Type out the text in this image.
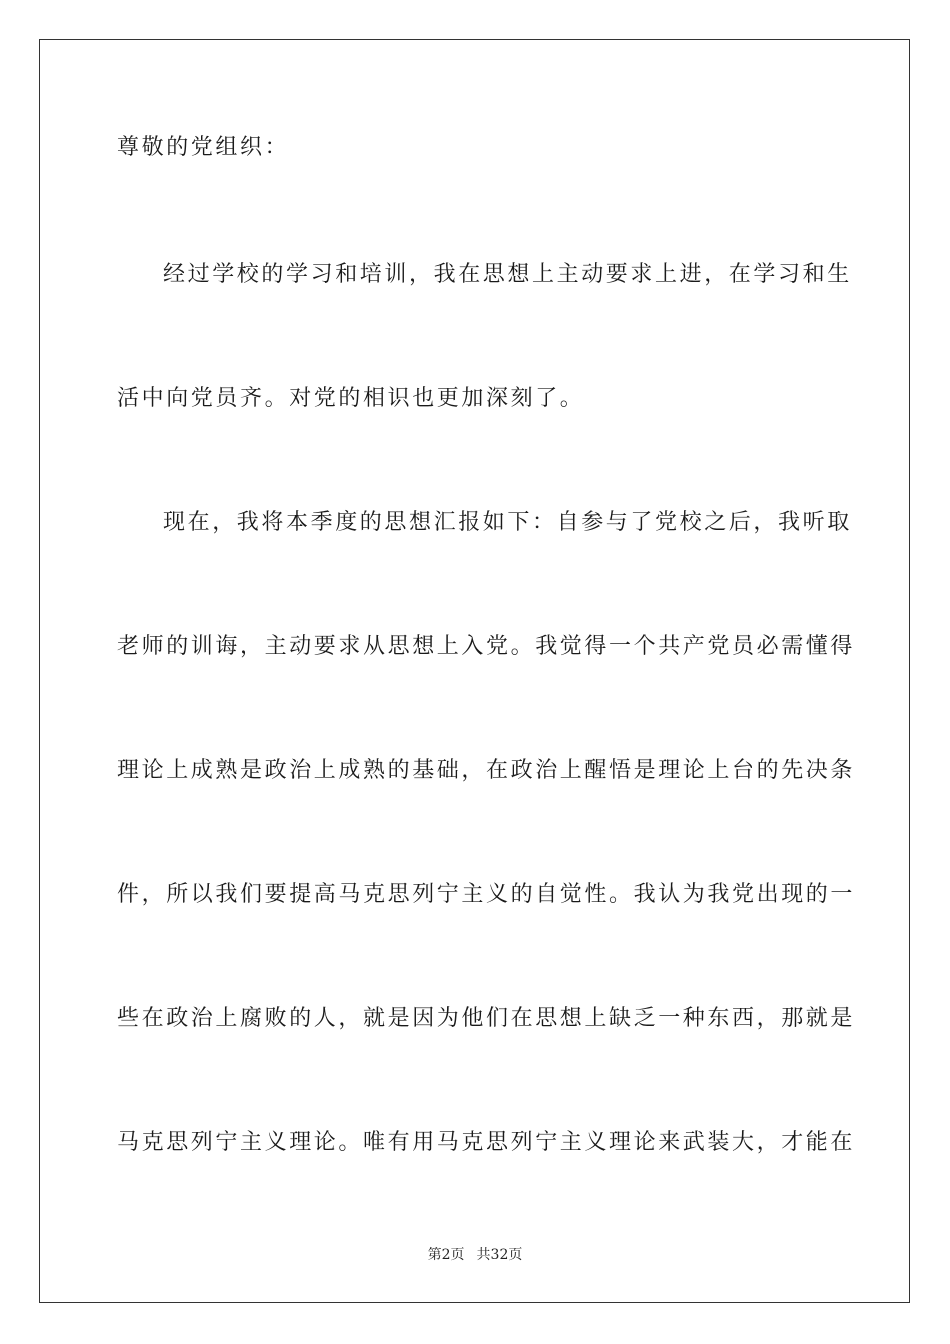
尊敬的党组织：
经过学校的学习和培训，我在思想上主动要求上进，在学习和生
活中向党员齐。对党的相识也更加深刻了。
现在，我将本季度的思想汇报如下：自参与了党校之后，我听取
老师的训诲，主动要求从思想上入党。我觉得一个共产党员必需懂得
理论上成熟是政治上成熟的基础，在政治上醒悟是理论上台的先决条
件，所以我们要提高马克思列宁主义的自觉性。我认为我党出现的一
些在政治上腐败的人，就是因为他们在思想上缺乏一种东西，那就是
马克思列宁主义理论。唯有用马克思列宁主义理论来武装大，才能在
第2页 共32页
